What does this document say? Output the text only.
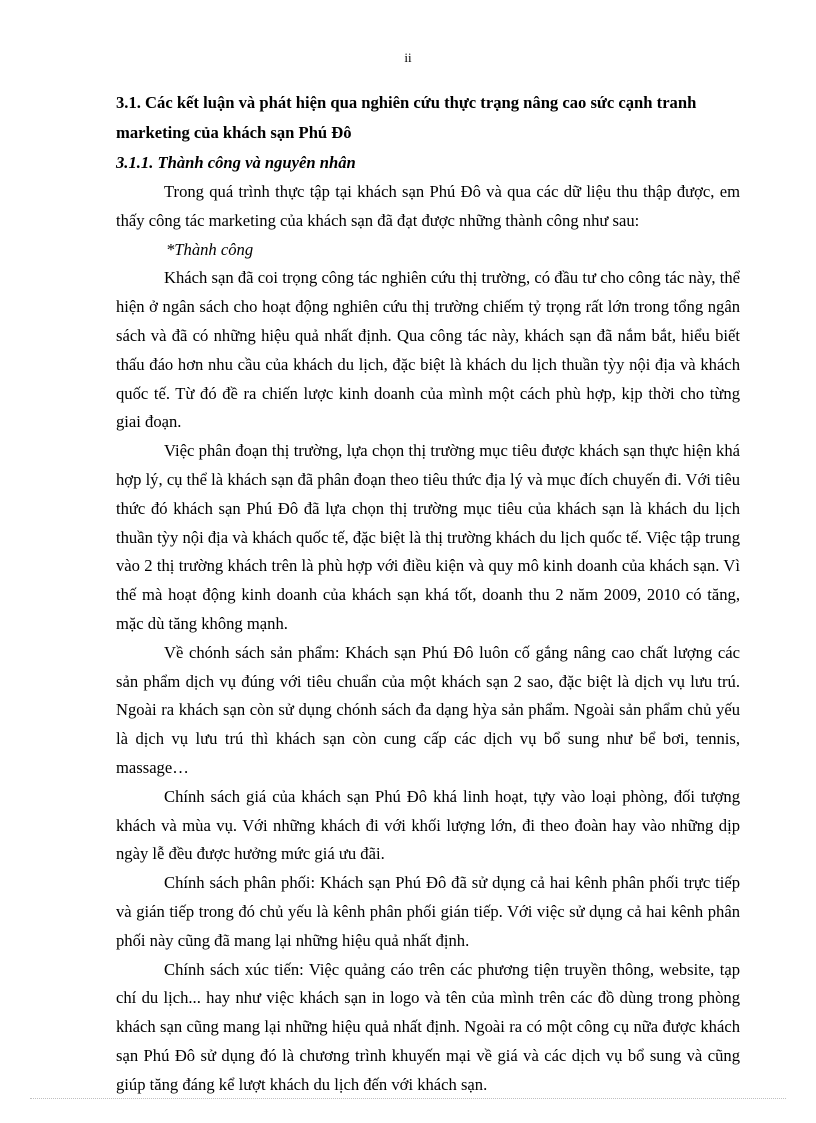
ii

3.1. Các kết luận và phát hiện qua nghiên cứu thực trạng nâng cao sức cạnh tranh marketing của khách sạn Phú Đô

3.1.1. Thành công và nguyên nhân

Trong quá trình thực tập tại khách sạn Phú Đô và qua các dữ liệu thu thập được, em thấy công tác marketing của khách sạn đã đạt được những thành công như sau:

*Thành công

Khách sạn đã coi trọng công tác nghiên cứu thị trường, có đầu tư cho công tác này, thể hiện ở ngân sách cho hoạt động nghiên cứu thị trường chiếm tỷ trọng rất lớn trong tổng ngân sách và đã có những hiệu quả nhất định. Qua công tác này, khách sạn đã nắm bắt, hiểu biết thấu đáo hơn nhu cầu của khách du lịch, đặc biệt là khách du lịch thuần tỳy nội địa và khách quốc tế. Từ đó đề ra chiến lược kinh doanh của mình một cách phù hợp, kịp thời cho từng giai đoạn.

Việc phân đoạn thị trường, lựa chọn thị trường mục tiêu được khách sạn thực hiện khá hợp lý, cụ thể là khách sạn đã phân đoạn theo tiêu thức địa lý và mục đích chuyến đi. Với tiêu thức đó khách sạn Phú Đô đã lựa chọn thị trường mục tiêu của khách sạn là khách du lịch thuần tỳy nội địa và khách quốc tế, đặc biệt là thị trường khách du lịch quốc tế. Việc tập trung vào 2 thị trường khách trên là phù hợp với điều kiện và quy mô kinh doanh của khách sạn. Vì thế mà hoạt động kinh doanh của khách sạn khá tốt, doanh thu 2 năm 2009, 2010 có tăng, mặc dù tăng không mạnh.

Về chónh sách sản phẩm: Khách sạn Phú Đô luôn cố gắng nâng cao chất lượng các sản phẩm dịch vụ đúng với tiêu chuẩn của một khách sạn 2 sao, đặc biệt là dịch vụ lưu trú. Ngoài ra khách sạn còn sử dụng chónh sách đa dạng hỳa sản phẩm. Ngoài sản phẩm chủ yếu là dịch vụ lưu trú thì khách sạn còn cung cấp các dịch vụ bổ sung như bể bơi, tennis, massage…

Chính sách giá của khách sạn Phú Đô khá linh hoạt, tựy vào loại phòng, đối tượng khách và mùa vụ. Với những khách đi với khối lượng lớn, đi theo đoàn hay vào những dịp ngày lễ đều được hưởng mức giá ưu đãi.

Chính sách phân phối: Khách sạn Phú Đô đã sử dụng cả hai kênh phân phối trực tiếp và gián tiếp trong đó chủ yếu là kênh phân phối gián tiếp. Với việc sử dụng cả hai kênh phân phối này cũng đã mang lại những hiệu quả nhất định.

Chính sách xúc tiến: Việc quảng cáo trên các phương tiện truyền thông, website, tạp chí du lịch... hay như việc khách sạn in logo và tên của mình trên các đồ dùng trong phòng khách sạn cũng mang lại những hiệu quả nhất định. Ngoài ra có một công cụ nữa được khách sạn Phú Đô sử dụng đó là chương trình khuyến mại về giá và các dịch vụ bổ sung và cũng giúp tăng đáng kể lượt khách du lịch đến với khách sạn.
